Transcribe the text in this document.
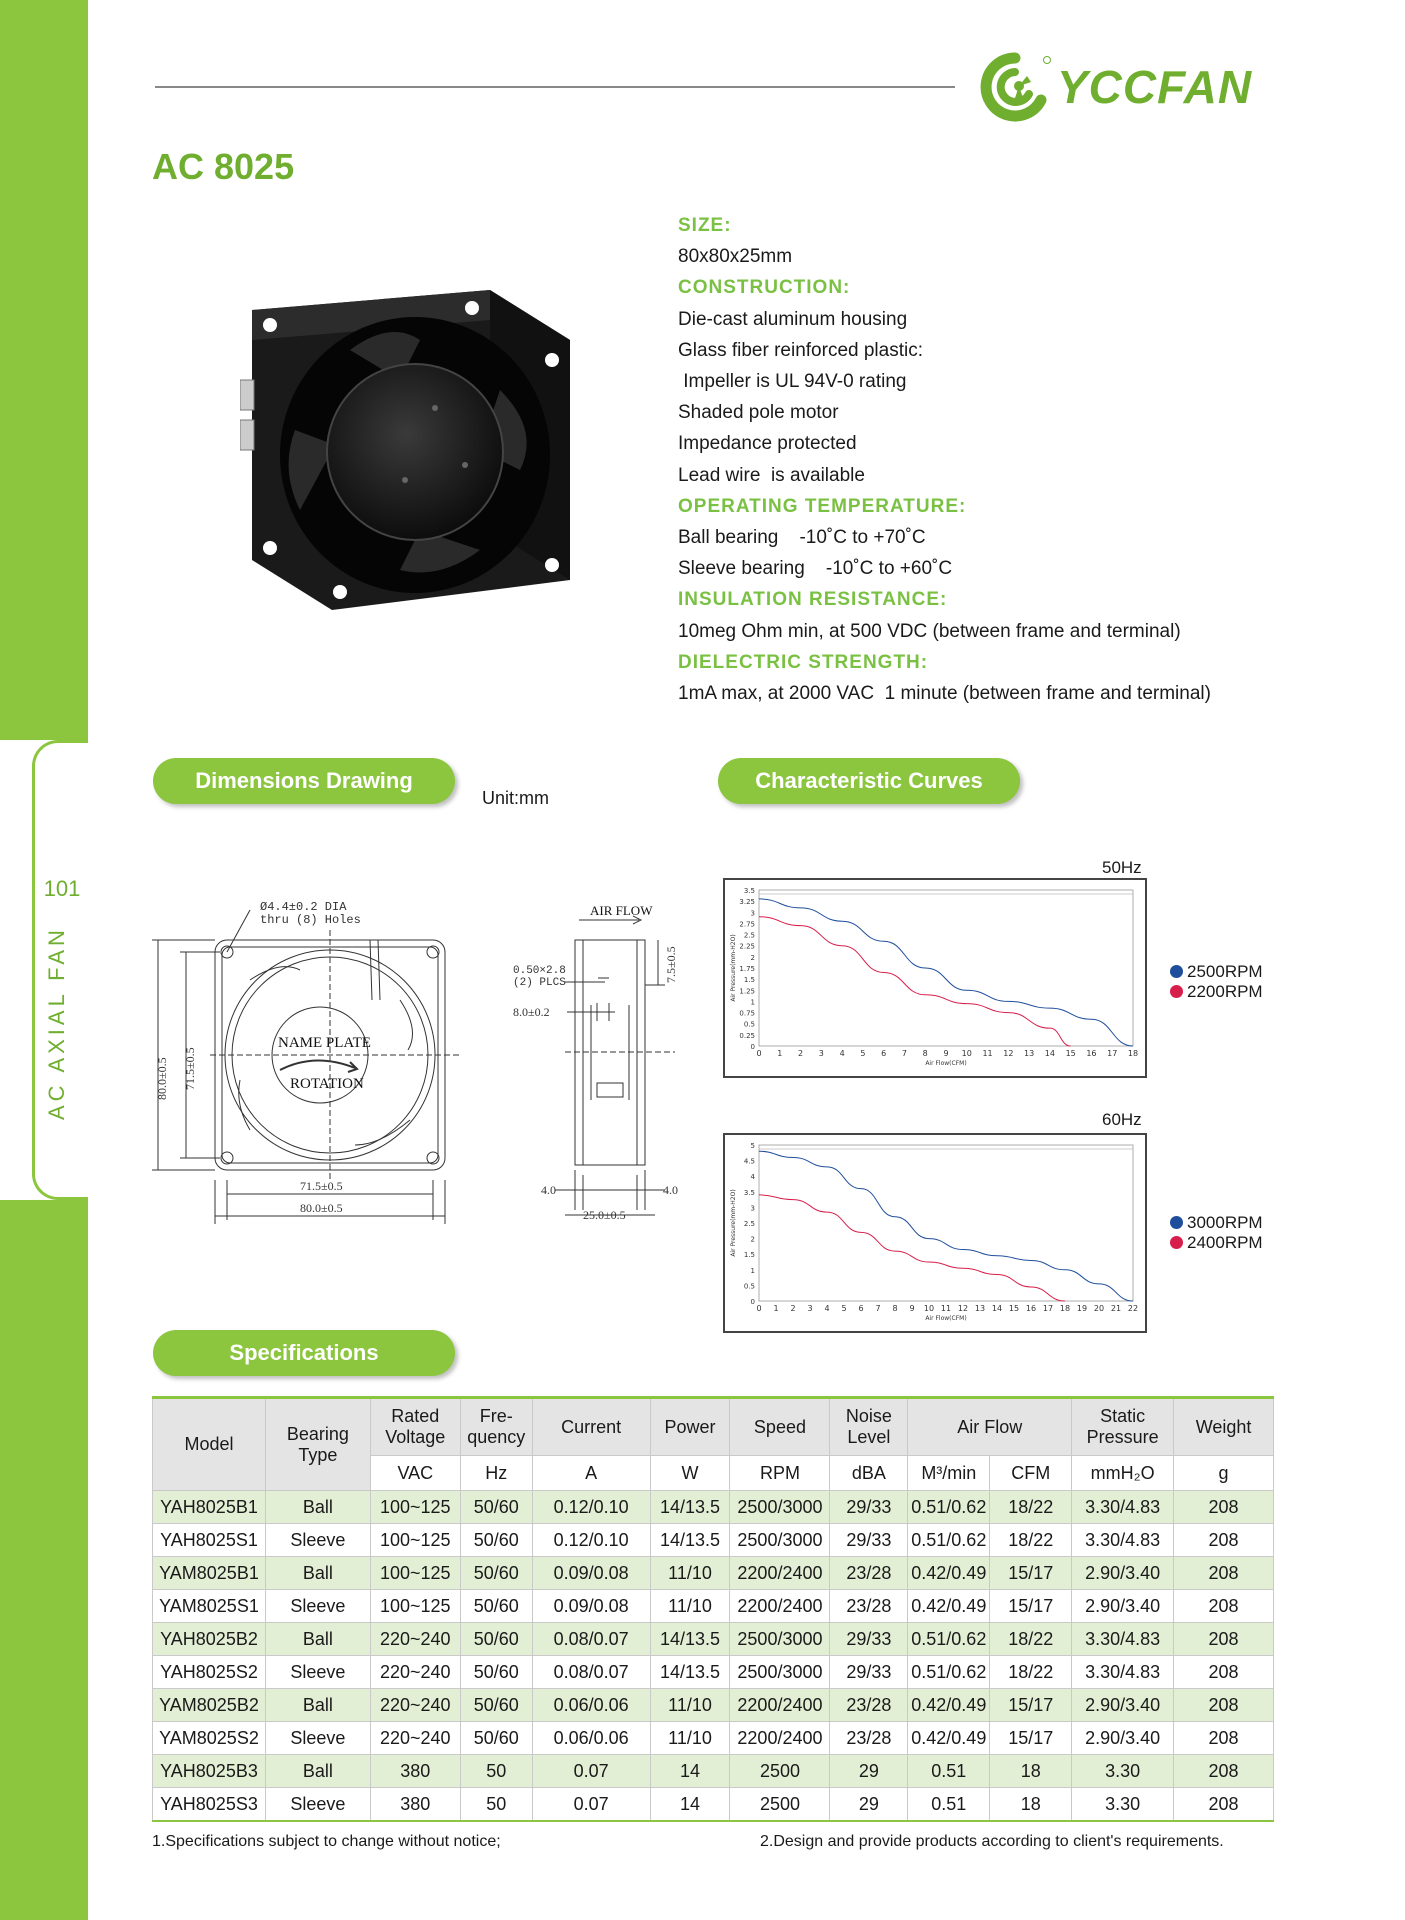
101
AC AXIAL FAN
YCCFAN
AC 8025
SIZE:
80x80x25mm
CONSTRUCTION:
Die-cast aluminum housing
Glass fiber reinforced plastic:
Impeller is UL 94V-0 rating
Shaded pole motor
Impedance protected
Lead wire  is available
OPERATING TEMPERATURE:
Ball bearing    -10˚C to +70˚C
Sleeve bearing    -10˚C to +60˚C
INSULATION RESISTANCE:
10meg Ohm min, at 500 VDC (between frame and terminal)
DIELECTRIC STRENGTH:
1mA max, at 2000 VAC  1 minute (between frame and terminal)
Dimensions Drawing
Unit:mm
Characteristic Curves
Specifications
Ø4.4±0.2 DIA
thru (8) Holes
NAME PLATE
ROTATION
80.0±0.5 71.5±0.5
71.5±0.5
80.0±0.5
AIR FLOW
0.50×2.8
(2) PLCS
8.0±0.2
7.5±0.5
4.0	4.0
25.0±0.5
50Hz
0
0.25
0.5
0.75
1
1.25
1.5
1.75
2
2.25
2.5
2.75
3
3.25
3.5
0 1 2 3 4 5 6 7 8 9 10 11 12 13 14 15 16 17 18
Air Flow(CFM)
Air Pressure(mm-H2O)	2500RPM
2200RPM
60Hz
0
0.5
1
1.5
2
2.5
3
3.5
4
4.5
5
0 1 2 3 4 5 6 7 8 9 10 11 12 13 14 15 16 17 18 19 20 21 22
Air Flow(CFM)
Air Pressure(mm-H2O)	3000RPM
2400RPM
Model	Bearing Type	Rated Voltage	Fre-quency	Current	Power	Speed	Noise Level	Air Flow		Static Pressure	Weight
		VAC	Hz	A	W	RPM	dBA	M³/min	CFM	mmH₂O	g
YAH8025B1	Ball	100~125	50/60	0.12/0.10	14/13.5	2500/3000	29/33	0.51/0.62	18/22	3.30/4.83	208
YAH8025S1	Sleeve	100~125	50/60	0.12/0.10	14/13.5	2500/3000	29/33	0.51/0.62	18/22	3.30/4.83	208
YAM8025B1	Ball	100~125	50/60	0.09/0.08	11/10	2200/2400	23/28	0.42/0.49	15/17	2.90/3.40	208
YAM8025S1	Sleeve	100~125	50/60	0.09/0.08	11/10	2200/2400	23/28	0.42/0.49	15/17	2.90/3.40	208
YAH8025B2	Ball	220~240	50/60	0.08/0.07	14/13.5	2500/3000	29/33	0.51/0.62	18/22	3.30/4.83	208
YAH8025S2	Sleeve	220~240	50/60	0.08/0.07	14/13.5	2500/3000	29/33	0.51/0.62	18/22	3.30/4.83	208
YAM8025B2	Ball	220~240	50/60	0.06/0.06	11/10	2200/2400	23/28	0.42/0.49	15/17	2.90/3.40	208
YAM8025S2	Sleeve	220~240	50/60	0.06/0.06	11/10	2200/2400	23/28	0.42/0.49	15/17	2.90/3.40	208
YAH8025B3	Ball	380	50	0.07	14	2500	29	0.51	18	3.30	208
YAH8025S3	Sleeve	380	50	0.07	14	2500	29	0.51	18	3.30	208
1.Specifications subject to change without notice;	2.Design and provide products according to client's requirements.
